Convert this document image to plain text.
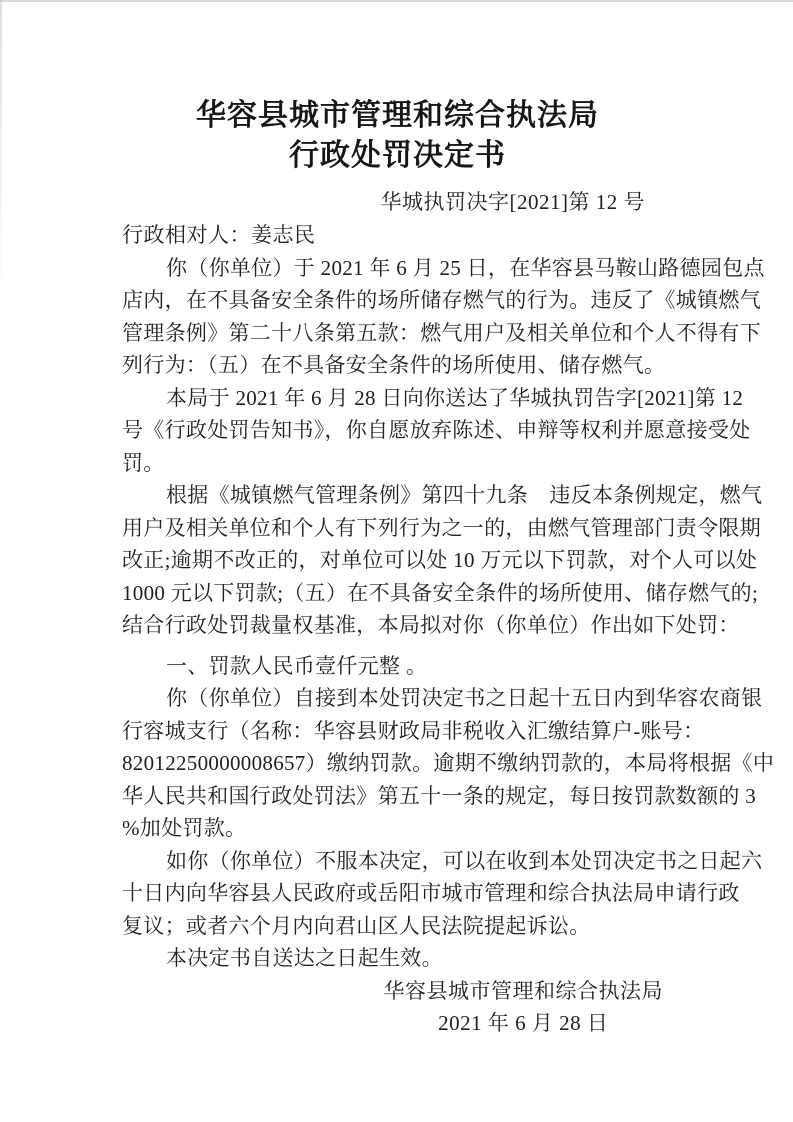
华容县城市管理和综合执法局
行政处罚决定书
华城执罚决字[2021]第 12 号
行政相对人：姜志民
你（你单位）于 2021 年 6 月 25 日，在华容县马鞍山路德园包点
店内，在不具备安全条件的场所储存燃气的行为。违反了《城镇燃气
管理条例》第二十八条第五款：燃气用户及相关单位和个人不得有下
列行为：（五）在不具备安全条件的场所使用、储存燃气。
本局于 2021 年 6 月 28 日向你送达了华城执罚告字[2021]第 12
号《行政处罚告知书》，你自愿放弃陈述、申辩等权利并愿意接受处
罚。
根据《城镇燃气管理条例》第四十九条　违反本条例规定，燃气
用户及相关单位和个人有下列行为之一的，由燃气管理部门责令限期
改正;逾期不改正的，对单位可以处 10 万元以下罚款，对个人可以处
1000 元以下罚款;（五）在不具备安全条件的场所使用、储存燃气的;
结合行政处罚裁量权基准，本局拟对你（你单位）作出如下处罚：
一、罚款人民币壹仟元整 。
你（你单位）自接到本处罚决定书之日起十五日内到华容农商银
行容城支行（名称：华容县财政局非税收入汇缴结算户-账号：
82012250000008657）缴纳罚款。逾期不缴纳罚款的，本局将根据《中
华人民共和国行政处罚法》第五十一条的规定，每日按罚款数额的 3
%加处罚款。
如你（你单位）不服本决定，可以在收到本处罚决定书之日起六
十日内向华容县人民政府或岳阳市城市管理和综合执法局申请行政
复议；或者六个月内向君山区人民法院提起诉讼。
本决定书自送达之日起生效。
华容县城市管理和综合执法局
2021 年 6 月 28 日
